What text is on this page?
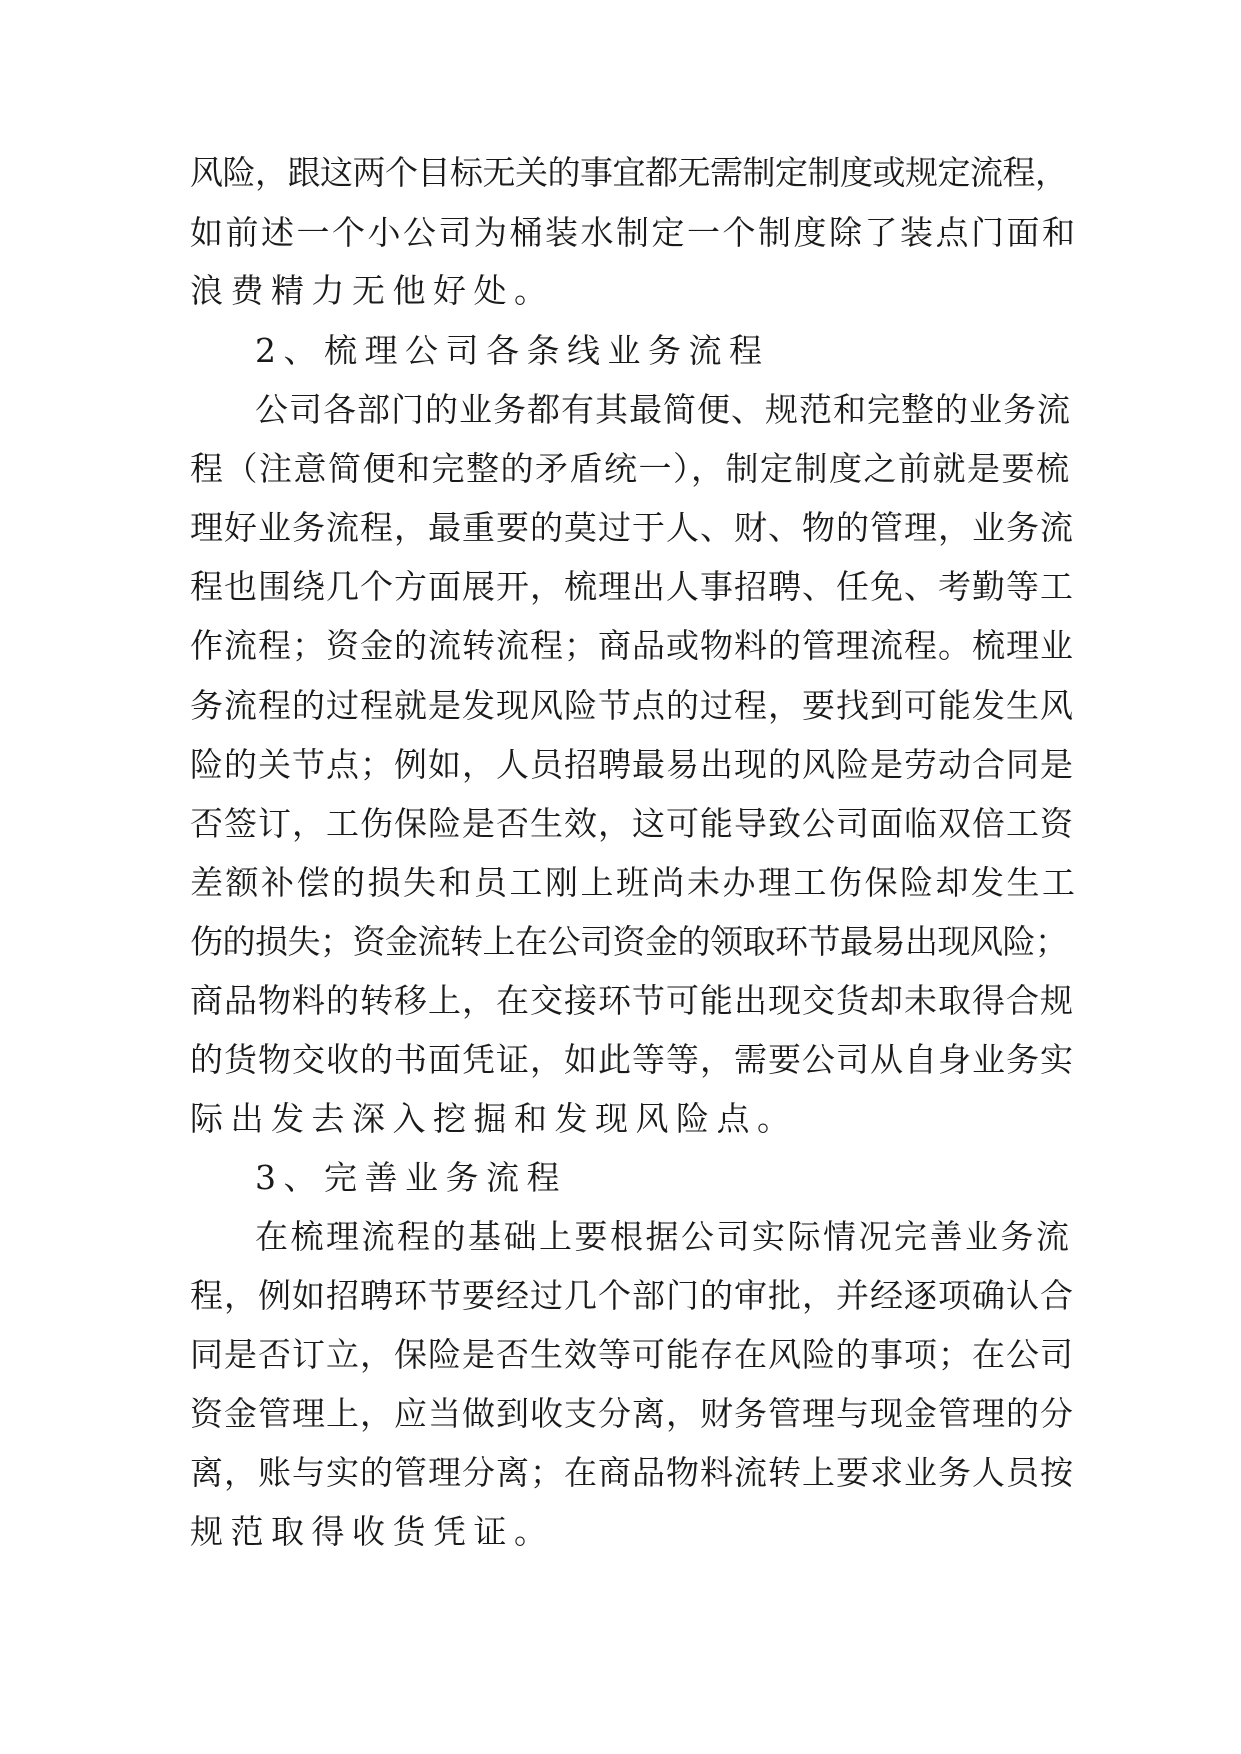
风险，跟这两个目标无关的事宜都无需制定制度或规定流程，
如前述一个小公司为桶装水制定一个制度除了装点门面和
浪费精力无他好处。
2、梳理公司各条线业务流程
公司各部门的业务都有其最简便、规范和完整的业务流
程（注意简便和完整的矛盾统一），制定制度之前就是要梳
理好业务流程，最重要的莫过于人、财、物的管理，业务流
程也围绕几个方面展开，梳理出人事招聘、任免、考勤等工
作流程；资金的流转流程；商品或物料的管理流程。梳理业
务流程的过程就是发现风险节点的过程，要找到可能发生风
险的关节点；例如，人员招聘最易出现的风险是劳动合同是
否签订，工伤保险是否生效，这可能导致公司面临双倍工资
差额补偿的损失和员工刚上班尚未办理工伤保险却发生工
伤的损失；资金流转上在公司资金的领取环节最易出现风险；
商品物料的转移上，在交接环节可能出现交货却未取得合规
的货物交收的书面凭证，如此等等，需要公司从自身业务实
际出发去深入挖掘和发现风险点。
3、完善业务流程
在梳理流程的基础上要根据公司实际情况完善业务流
程，例如招聘环节要经过几个部门的审批，并经逐项确认合
同是否订立，保险是否生效等可能存在风险的事项；在公司
资金管理上，应当做到收支分离，财务管理与现金管理的分
离，账与实的管理分离；在商品物料流转上要求业务人员按
规范取得收货凭证。
